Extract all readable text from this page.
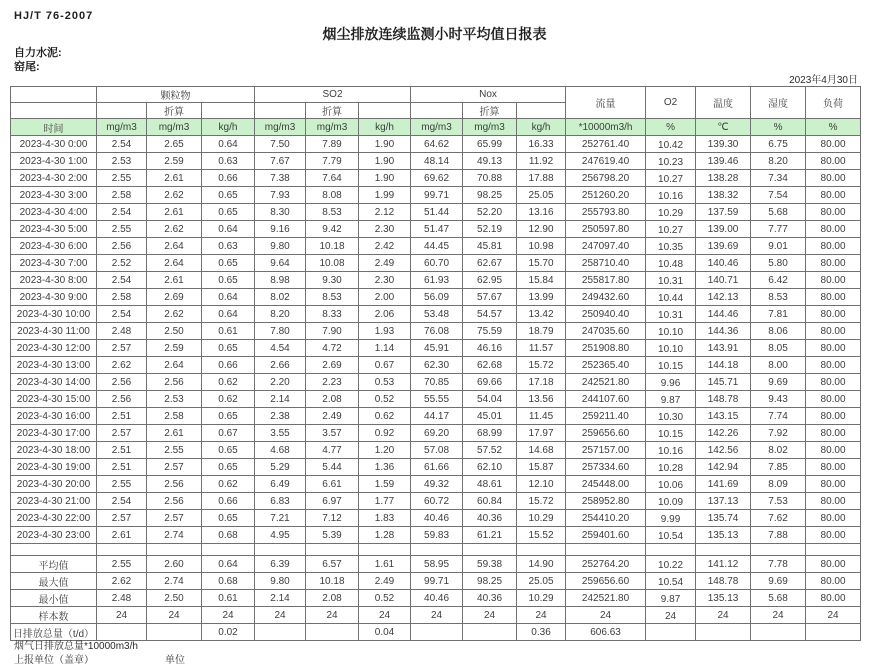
HJ/T 76-2007
烟尘排放连续监测小时平均值日报表
自力水泥:
窑尾:
2023年4月30日
	颗粒物			SO2			Nox			流量	O2	温度	湿度	负荷
		折算			折算			折算						
时间	mg/m3	mg/m3	kg/h	mg/m3	mg/m3	kg/h	mg/m3	mg/m3	kg/h	*10000m3/h	%	℃	%	%
2023-4-30 0:00	2.54	2.65	0.64	7.50	7.89	1.90	64.62	65.99	16.33	252761.40	10.42	139.30	6.75	80.00
2023-4-30 1:00	2.53	2.59	0.63	7.67	7.79	1.90	48.14	49.13	11.92	247619.40	10.23	139.46	8.20	80.00
2023-4-30 2:00	2.55	2.61	0.66	7.38	7.64	1.90	69.62	70.88	17.88	256798.20	10.27	138.28	7.34	80.00
2023-4-30 3:00	2.58	2.62	0.65	7.93	8.08	1.99	99.71	98.25	25.05	251260.20	10.16	138.32	7.54	80.00
2023-4-30 4:00	2.54	2.61	0.65	8.30	8.53	2.12	51.44	52.20	13.16	255793.80	10.29	137.59	5.68	80.00
2023-4-30 5:00	2.55	2.62	0.64	9.16	9.42	2.30	51.47	52.19	12.90	250597.80	10.27	139.00	7.77	80.00
2023-4-30 6:00	2.56	2.64	0.63	9.80	10.18	2.42	44.45	45.81	10.98	247097.40	10.35	139.69	9.01	80.00
2023-4-30 7:00	2.52	2.64	0.65	9.64	10.08	2.49	60.70	62.67	15.70	258710.40	10.48	140.46	5.80	80.00
2023-4-30 8:00	2.54	2.61	0.65	8.98	9.30	2.30	61.93	62.95	15.84	255817.80	10.31	140.71	6.42	80.00
2023-4-30 9:00	2.58	2.69	0.64	8.02	8.53	2.00	56.09	57.67	13.99	249432.60	10.44	142.13	8.53	80.00
2023-4-30 10:00	2.54	2.62	0.64	8.20	8.33	2.06	53.48	54.57	13.42	250940.40	10.31	144.46	7.81	80.00
2023-4-30 11:00	2.48	2.50	0.61	7.80	7.90	1.93	76.08	75.59	18.79	247035.60	10.10	144.36	8.06	80.00
2023-4-30 12:00	2.57	2.59	0.65	4.54	4.72	1.14	45.91	46.16	11.57	251908.80	10.10	143.91	8.05	80.00
2023-4-30 13:00	2.62	2.64	0.66	2.66	2.69	0.67	62.30	62.68	15.72	252365.40	10.15	144.18	8.00	80.00
2023-4-30 14:00	2.56	2.56	0.62	2.20	2.23	0.53	70.85	69.66	17.18	242521.80	9.96	145.71	9.69	80.00
2023-4-30 15:00	2.56	2.53	0.62	2.14	2.08	0.52	55.55	54.04	13.56	244107.60	9.87	148.78	9.43	80.00
2023-4-30 16:00	2.51	2.58	0.65	2.38	2.49	0.62	44.17	45.01	11.45	259211.40	10.30	143.15	7.74	80.00
2023-4-30 17:00	2.57	2.61	0.67	3.55	3.57	0.92	69.20	68.99	17.97	259656.60	10.15	142.26	7.92	80.00
2023-4-30 18:00	2.51	2.55	0.65	4.68	4.77	1.20	57.08	57.52	14.68	257157.00	10.16	142.56	8.02	80.00
2023-4-30 19:00	2.51	2.57	0.65	5.29	5.44	1.36	61.66	62.10	15.87	257334.60	10.28	142.94	7.85	80.00
2023-4-30 20:00	2.55	2.56	0.62	6.49	6.61	1.59	49.32	48.61	12.10	245448.00	10.06	141.69	8.09	80.00
2023-4-30 21:00	2.54	2.56	0.66	6.83	6.97	1.77	60.72	60.84	15.72	258952.80	10.09	137.13	7.53	80.00
2023-4-30 22:00	2.57	2.57	0.65	7.21	7.12	1.83	40.46	40.36	10.29	254410.20	9.99	135.74	7.62	80.00
2023-4-30 23:00	2.61	2.74	0.68	4.95	5.39	1.28	59.83	61.21	15.52	259401.60	10.54	135.13	7.88	80.00

平均值	2.55	2.60	0.64	6.39	6.57	1.61	58.95	59.38	14.90	252764.20	10.22	141.12	7.78	80.00
最大值	2.62	2.74	0.68	9.80	10.18	2.49	99.71	98.25	25.05	259656.60	10.54	148.78	9.69	80.00
最小值	2.48	2.50	0.61	2.14	2.08	0.52	40.46	40.36	10.29	242521.80	9.87	135.13	5.68	80.00
样本数	24	24	24	24	24	24	24	24	24	24	24	24	24	24
日排放总量（t/d）			0.02			0.04			0.36	606.63				
烟气日排放总量*10000m3/h
上报单位（盖章）	单位
